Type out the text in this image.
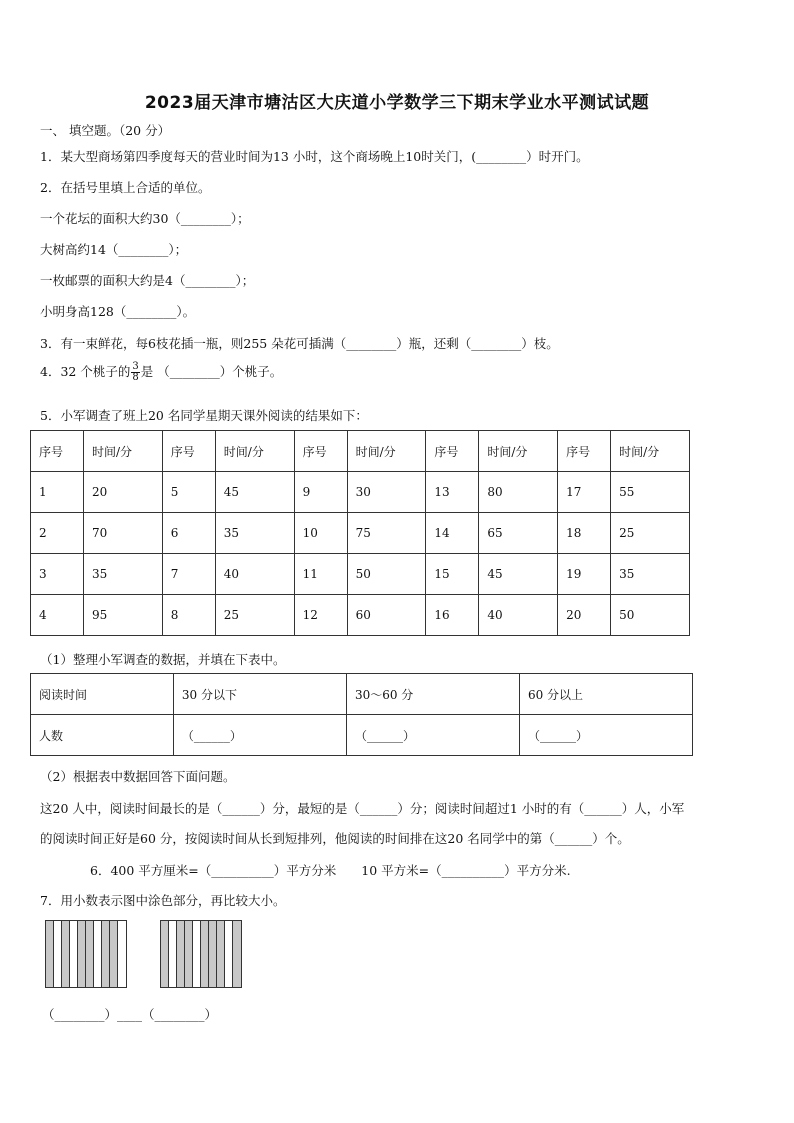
2023届天津市塘沽区大庆道小学数学三下期末学业水平测试试题
一、 填空题。（20 分）
1．某大型商场第四季度每天的营业时间为13 小时，这个商场晚上10时关门，(________）时开门。
2．在括号里填上合适的单位。
一个花坛的面积大约30（________）；
大树高约14（________）；
一枚邮票的面积大约是4（________）；
小明身高128（________）。
3．有一束鲜花，每6枝花插一瓶，则255 朵花可插满（________）瓶，还剩（________）枝。
4．32 个桃子的 $\frac{3}{8}$ 是 （________）个桃子。
5．小军调查了班上20 名同学星期天课外阅读的结果如下：
序号	时间/分	序号	时间/分	序号	时间/分	序号	时间/分	序号	时间/分
1	20	5	45	9	30	13	80	17	55
2	70	6	35	10	75	14	65	18	25
3	35	7	40	11	50	15	45	19	35
4	95	8	25	12	60	16	40	20	50
（1）整理小军调查的数据，并填在下表中。
阅读时间	30 分以下	30～60 分	60 分以上
人数	（______）	（______）	（______）
（2）根据表中数据回答下面问题。
这20 人中，阅读时间最长的是（______）分，最短的是（______）分；阅读时间超过1 小时的有（______）人，小军
的阅读时间正好是60 分，按阅读时间从长到短排列，他阅读的时间排在这20 名同学中的第（______）个。
6．400 平方厘米=（__________）平方分米　　10 平方米=（__________）平方分米.
7．用小数表示图中涂色部分，再比较大小。
（________）____（________）
